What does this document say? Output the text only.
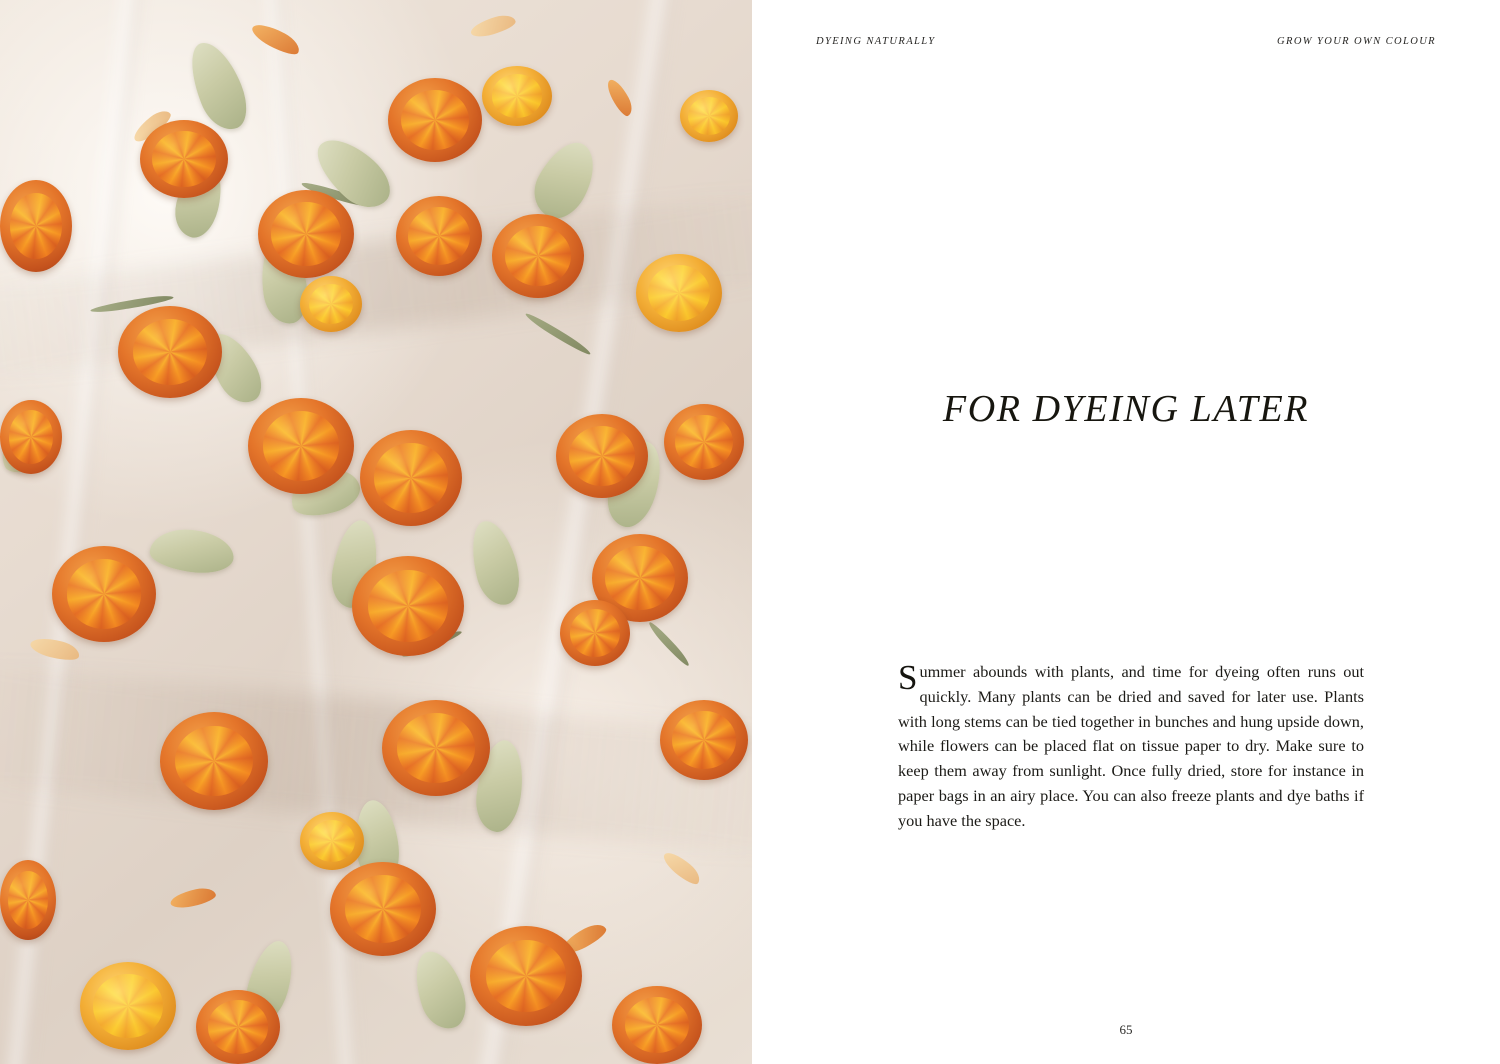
DYEING NATURALLY	GROW YOUR OWN COLOUR
FOR DYEING LATER
Summer abounds with plants, and time for dyeing often runs out quickly. Many plants can be dried and saved for later use. Plants with long stems can be tied together in bunches and hung upside down, while flowers can be placed flat on tissue paper to dry. Make sure to keep them away from sunlight. Once fully dried, store for instance in paper bags in an airy place. You can also freeze plants and dye baths if you have the space.
65
